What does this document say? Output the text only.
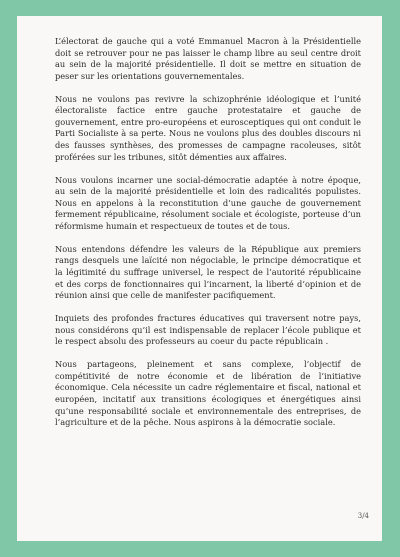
L’électorat de gauche qui a voté Emmanuel Macron à la Présidentielle doit se retrouver pour ne pas laisser le champ libre au seul centre droit au sein de la majorité présidentielle. Il doit se mettre en situation de peser sur les orientations gouvernementales.

Nous ne voulons pas revivre la schizophrénie idéologique et l’unité électoraliste factice entre gauche protestataire et gauche de gouvernement, entre pro-européens et eurosceptiques qui ont conduit le Parti Socialiste à sa perte. Nous ne voulons plus des doubles discours ni des fausses synthèses, des promesses de campagne racoleuses, sitôt proférées sur les tribunes, sitôt démenties aux affaires.

Nous voulons incarner une social-démocratie adaptée à notre époque, au sein de la majorité présidentielle et loin des radicalités populistes. Nous en appelons à la reconstitution d’une gauche de gouvernement fermement républicaine, résolument sociale et écologiste, porteuse d’un réformisme humain et respectueux de toutes et de tous.

Nous entendons défendre les valeurs de la République aux premiers rangs desquels une laïcité non négociable, le principe démocratique et la légitimité du suffrage universel, le respect de l’autorité républicaine et des corps de fonctionnaires qui l’incarnent, la liberté d’opinion et de réunion ainsi que celle de manifester pacifiquement.

Inquiets des profondes fractures éducatives qui traversent notre pays, nous considérons qu’il est indispensable de replacer l’école publique et le respect absolu des professeurs au coeur du pacte républicain .

Nous partageons, pleinement et sans complexe, l’objectif de compétitivité de notre économie et de libération de l’initiative économique. Cela nécessite un cadre réglementaire et fiscal, national et européen, incitatif aux transitions écologiques et énergétiques ainsi qu’une responsabilité sociale et environnementale des entreprises, de l’agriculture et de la pêche. Nous aspirons à la démocratie sociale.

3/4
